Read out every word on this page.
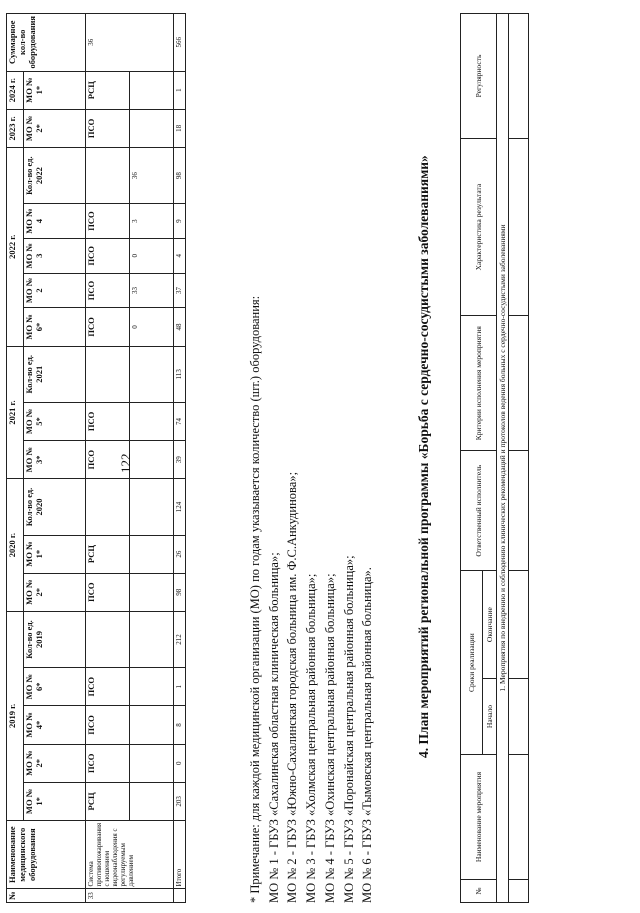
№	Наименование медицинского оборудования	2019 г.					2020 г.			2021 г.			2022 г.					2023 г.	2024 г.	Суммарное кол-во оборудования
		МО № 1*	МО № 2*	МО № 4*	МО № 6*	Кол-во ед. 2019	МО № 2*	МО № 1*	Кол-во ед. 2020	МО № 3*	МО № 5*	Кол-во ед. 2021	МО № 6*	МО № 2	МО № 3	МО № 4	Кол-во ед. 2022	МО № 2*	МО № 1*	
33	Система противопожаривания с ношением видеонаблюдения с регулируемым давлением	РСЦ	ПСО	ПСО	ПСО		ПСО	РСЦ		ПСО	ПСО		ПСО	ПСО	ПСО	ПСО		ПСО	РСЦ	36
													0	33	0	3	36			
	Итого	203	0	8	1	212	98	26	124	39	74	113	48	37	4	9	98	18	1	566
122	* Примечание: для каждой медицинской организации (МО) по годам указывается количество (шт.) оборудования: МО № 1 - ГБУЗ «Сахалинская областная клиническая больница»; МО № 2 - ГБУЗ «Южно-Сахалинская городская больница им. Ф.С.Анкудинова»; МО № 3 - ГБУЗ «Холмская центральная районная больница»; МО № 4 - ГБУЗ «Охинская центральная районная больница»; МО № 5 - ГБУЗ «Поронайская центральная районная больница»; МО № 6 - ГБУЗ «Тымовская центральная районная больница».	4. План мероприятий региональной программы «Борьба с сердечно-сосудистыми заболеваниями»
№	Наименование мероприятия	Сроки реализации		Ответственный исполнитель	Критерии исполнения мероприятия	Характеристика результата	Регулярность
		Начало	Окончание				
1. Мероприятия по внедрению и соблюдению клинических рекомендаций и протоколов ведения больных с сердечно-сосудистыми заболеваниями							
